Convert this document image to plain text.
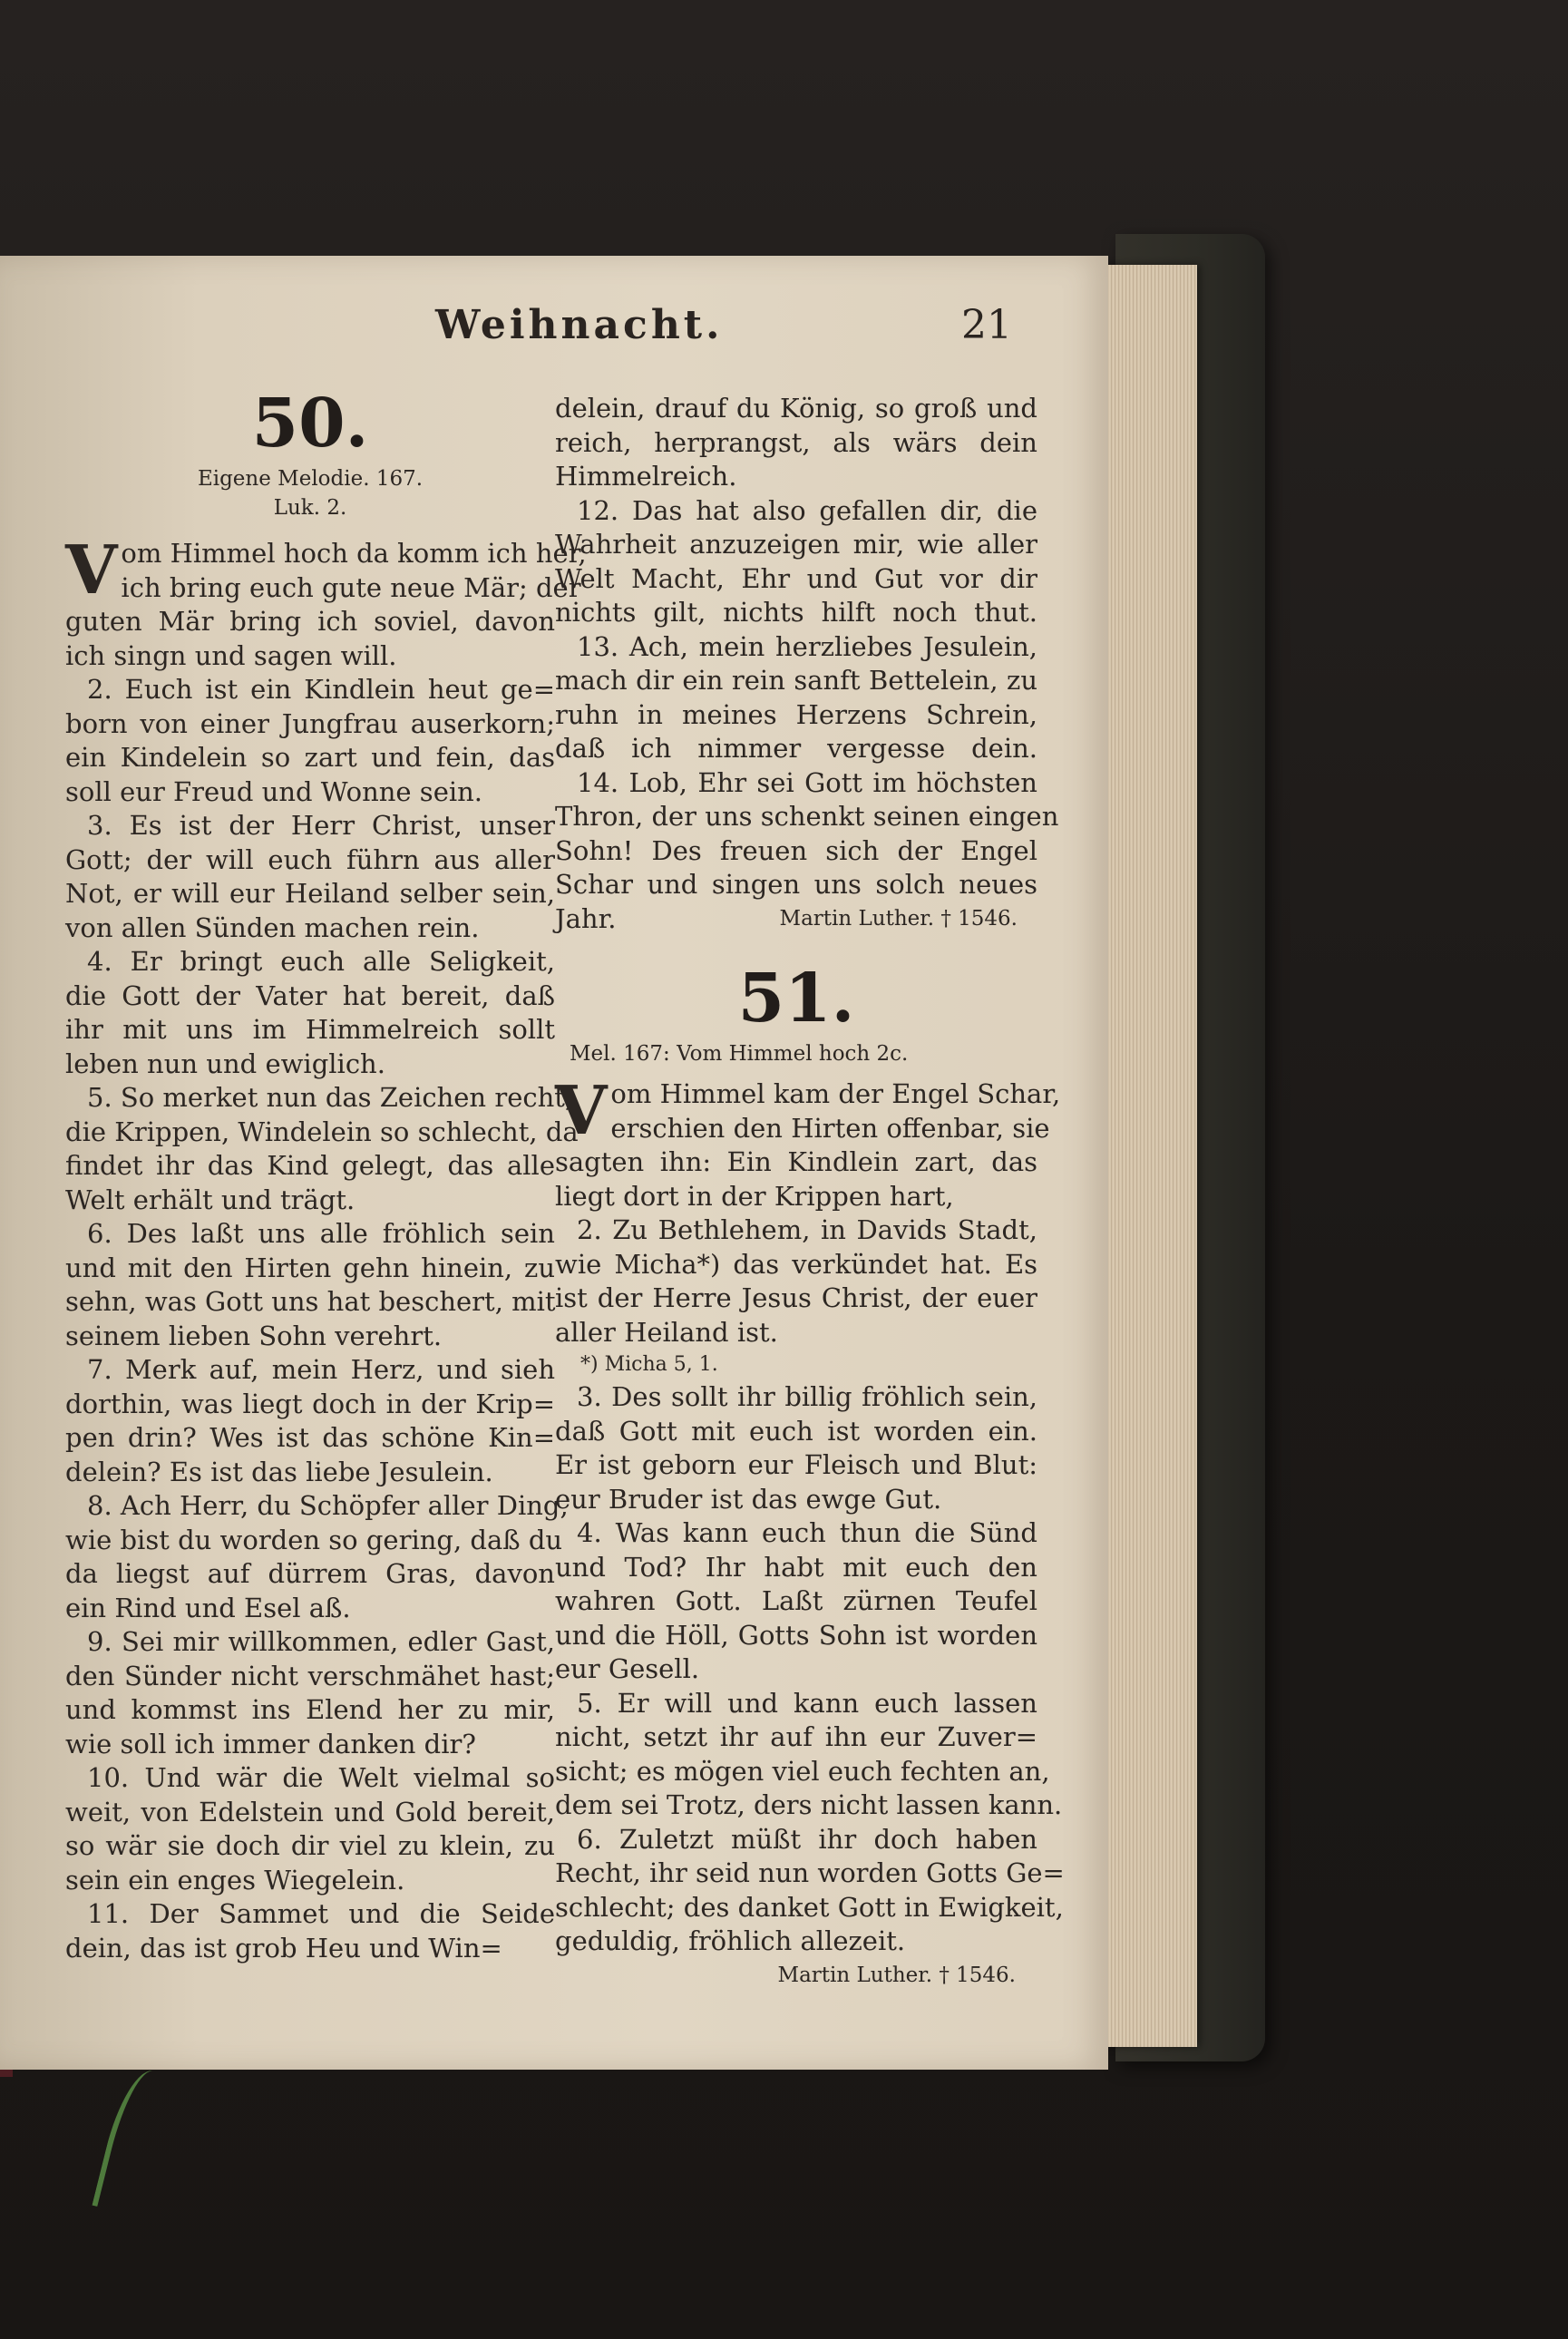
Weihnacht.	21

50.

Eigene Melodie. 167.

Luk. 2.

V om Himmel hoch da komm ich her,
ich bring euch gute neue Mär; der
guten Mär bring ich soviel, davon
ich singn und sagen will.
2. Euch ist ein Kindlein heut ge=
born von einer Jungfrau auserkorn;
ein Kindelein so zart und fein, das
soll eur Freud und Wonne sein.
3. Es ist der Herr Christ, unser
Gott; der will euch führn aus aller
Not, er will eur Heiland selber sein,
von allen Sünden machen rein.
4. Er bringt euch alle Seligkeit,
die Gott der Vater hat bereit, daß
ihr mit uns im Himmelreich sollt
leben nun und ewiglich.
5. So merket nun das Zeichen recht,
die Krippen, Windelein so schlecht, da
findet ihr das Kind gelegt, das alle
Welt erhält und trägt.
6. Des laßt uns alle fröhlich sein
und mit den Hirten gehn hinein, zu
sehn, was Gott uns hat beschert, mit
seinem lieben Sohn verehrt.
7. Merk auf, mein Herz, und sieh
dorthin, was liegt doch in der Krip=
pen drin? Wes ist das schöne Kin=
delein? Es ist das liebe Jesulein.
8. Ach Herr, du Schöpfer aller Ding,
wie bist du worden so gering, daß du
da liegst auf dürrem Gras, davon
ein Rind und Esel aß.
9. Sei mir willkommen, edler Gast,
den Sünder nicht verschmähet hast;
und kommst ins Elend her zu mir,
wie soll ich immer danken dir?
10. Und wär die Welt vielmal so
weit, von Edelstein und Gold bereit,
so wär sie doch dir viel zu klein, zu
sein ein enges Wiegelein.
11. Der Sammet und die Seide
dein, das ist grob Heu und Win=
delein, drauf du König, so groß und
reich, herprangst, als wärs dein
Himmelreich.
12. Das hat also gefallen dir, die
Wahrheit anzuzeigen mir, wie aller
Welt Macht, Ehr und Gut vor dir
nichts gilt, nichts hilft noch thut.
13. Ach, mein herzliebes Jesulein,
mach dir ein rein sanft Bettelein, zu
ruhn in meines Herzens Schrein,
daß ich nimmer vergesse dein.
14. Lob, Ehr sei Gott im höchsten
Thron, der uns schenkt seinen eingen
Sohn! Des freuen sich der Engel
Schar und singen uns solch neues
Jahr.	Martin Luther. † 1546.

51.

Mel. 167: Vom Himmel hoch 2c.

V om Himmel kam der Engel Schar,
erschien den Hirten offenbar, sie
sagten ihn: Ein Kindlein zart, das
liegt dort in der Krippen hart,
2. Zu Bethlehem, in Davids Stadt,
wie Micha*) das verkündet hat. Es
ist der Herre Jesus Christ, der euer
aller Heiland ist.
*) Micha 5, 1.
3. Des sollt ihr billig fröhlich sein,
daß Gott mit euch ist worden ein.
Er ist geborn eur Fleisch und Blut:
eur Bruder ist das ewge Gut.
4. Was kann euch thun die Sünd
und Tod? Ihr habt mit euch den
wahren Gott. Laßt zürnen Teufel
und die Höll, Gotts Sohn ist worden
eur Gesell.
5. Er will und kann euch lassen
nicht, setzt ihr auf ihn eur Zuver=
sicht; es mögen viel euch fechten an,
dem sei Trotz, ders nicht lassen kann.
6. Zuletzt müßt ihr doch haben
Recht, ihr seid nun worden Gotts Ge=
schlecht; des danket Gott in Ewigkeit,
geduldig, fröhlich allezeit.
Martin Luther. † 1546.
